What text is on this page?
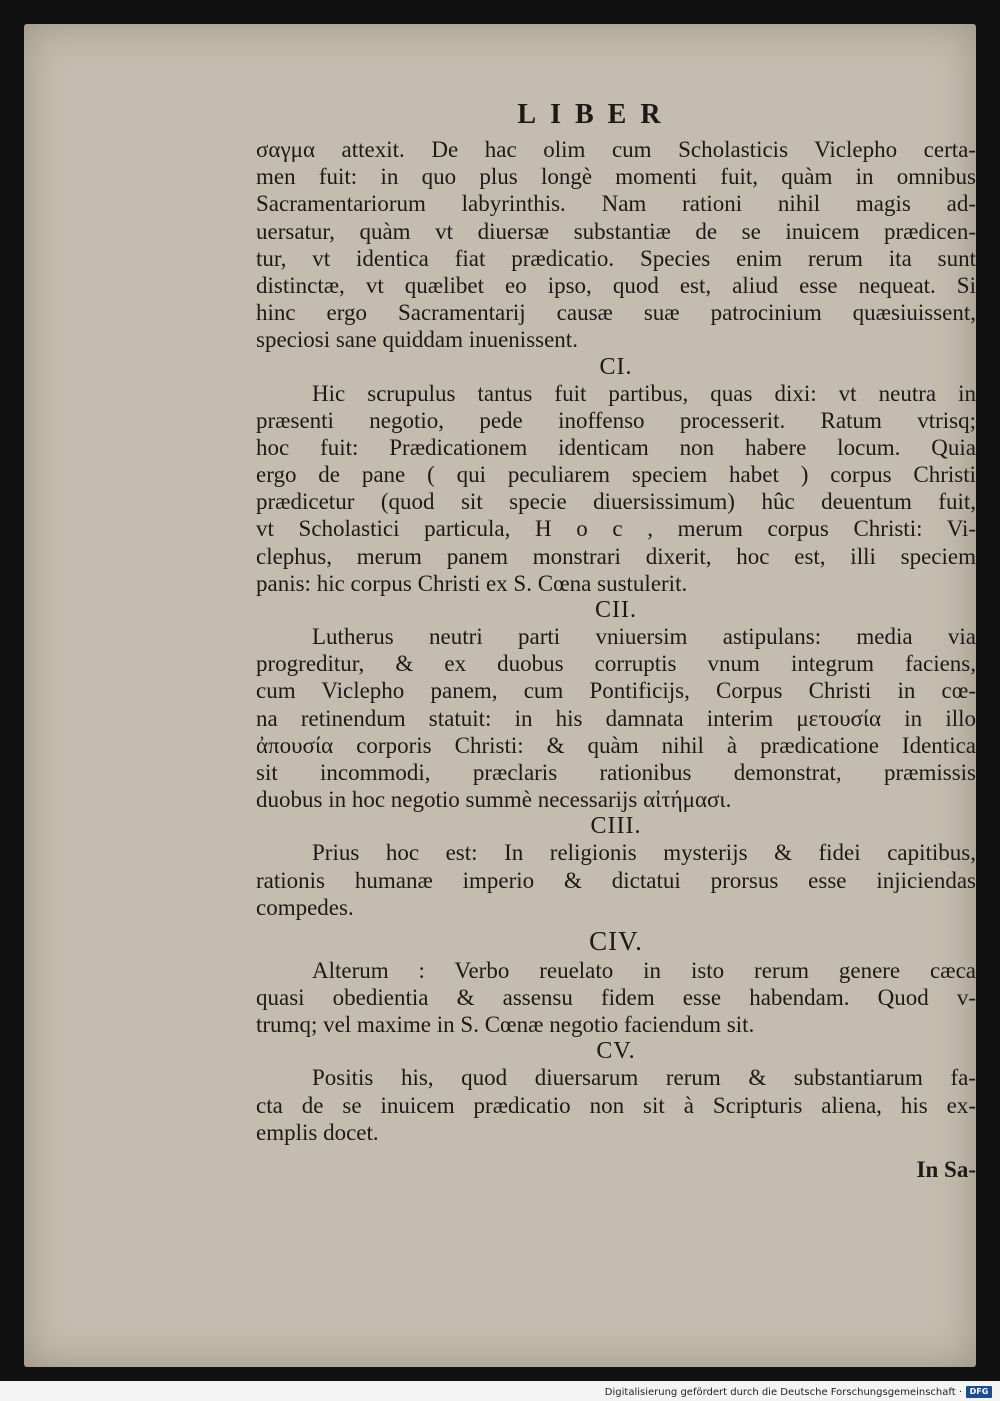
LIBER
σαγμα attexit. De hac olim cum Scholasticis Viclepho certa-
men fuit: in quo plus longè momenti fuit, quàm in omnibus
Sacramentariorum labyrinthis. Nam rationi nihil magis ad-
uersatur, quàm vt diuersæ substantiæ de se inuicem prædicen-
tur, vt identica fiat prædicatio. Species enim rerum ita sunt
distinctæ, vt quælibet eo ipso, quod est, aliud esse nequeat. Si
hinc ergo Sacramentarij causæ suæ patrocinium quæsiuissent,
speciosi sane quiddam inuenissent.
CI.
Hic scrupulus tantus fuit partibus, quas dixi: vt neutra in
præsenti negotio, pede inoffenso processerit. Ratum vtrisq;
hoc fuit: Prædicationem identicam non habere locum. Quia
ergo de pane ( qui peculiarem speciem habet ) corpus Christi
prædicetur (quod sit specie diuersissimum) hûc deuentum fuit,
vt Scholastici particula, H o c , merum corpus Christi: Vi-
clephus, merum panem monstrari dixerit, hoc est, illi speciem
panis: hic corpus Christi ex S. Cœna sustulerit.
CII.
Lutherus neutri parti vniuersim astipulans: media via
progreditur, & ex duobus corruptis vnum integrum faciens,
cum Viclepho panem, cum Pontificijs, Corpus Christi in cœ-
na retinendum statuit: in his damnata interim μετουσία in illo
ἀπουσία corporis Christi: & quàm nihil à prædicatione Identica
sit incommodi, præclaris rationibus demonstrat, præmissis
duobus in hoc negotio summè necessarijs αἰτήμασι.
CIII.
Prius hoc est: In religionis mysterijs & fidei capitibus,
rationis humanæ imperio & dictatui prorsus esse injiciendas
compedes.
CIV.
Alterum : Verbo reuelato in isto rerum genere cæca
quasi obedientia & assensu fidem esse habendam. Quod v-
trumq; vel maxime in S. Cœnæ negotio faciendum sit.
CV.
Positis his, quod diuersarum rerum & substantiarum fa-
cta de se inuicem prædicatio non sit à Scripturis aliena, his ex-
emplis docet.
In Sa-
Digitalisierung gefördert durch die Deutsche Forschungsgemeinschaft · DFG
